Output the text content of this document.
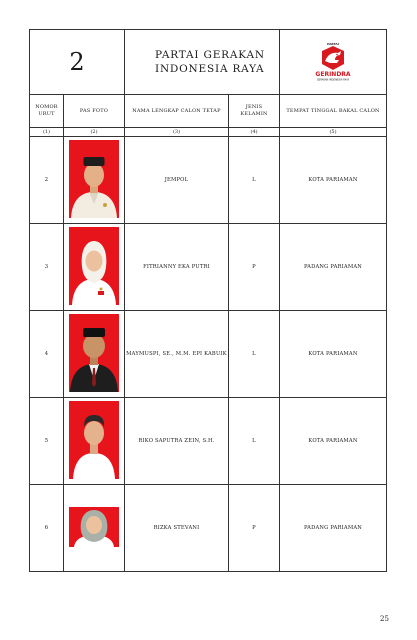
2		PARTAI GERAKAN
INDONESIA RAYA		PARTAI
GERINDRA
GERAKAN INDONESIA RAYA

NOMOR
URUT	PAS FOTO	NAMA LENGKAP CALON TETAP	JENIS
KELAMIN	TEMPAT TINGGAL BAKAL CALON
(1)	(2)	(3)	(4)	(5)
2		JEMPOL	L	KOTA PARIAMAN
3		FITRIANNY EKA PUTRI	P	PADANG PARIAMAN
4		MAYMUSPI, SE., M.M. EPI KABUIK	L	KOTA PARIAMAN
5		RIKO SAPUTRA ZEIN, S.H.	L	KOTA PARIAMAN
6		RIZKA STEVANI	P	PADANG PARIAMAN
25
